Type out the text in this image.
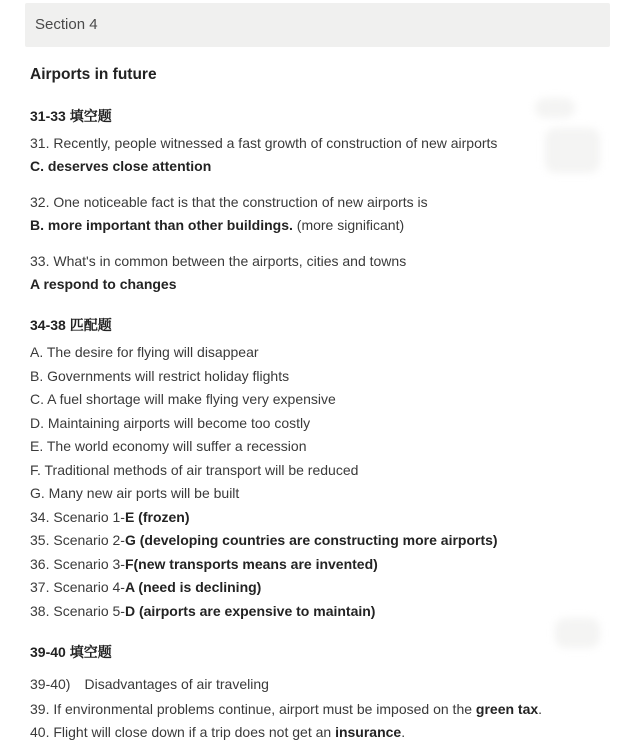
Section 4
Airports in future
31-33 填空题

31. Recently, people witnessed a fast growth of construction of new airports

C. deserves close attention

32. One noticeable fact is that the construction of new airports is

B. more important than other buildings. (more significant)

33. What's in common between the airports, cities and towns

A respond to changes

34-38 匹配题

A. The desire for flying will disappear

B. Governments will restrict holiday flights

C. A fuel shortage will make flying very expensive

D. Maintaining airports will become too costly

E. The world economy will suffer a recession

F. Traditional methods of air transport will be reduced

G. Many new air ports will be built

34. Scenario 1-E (frozen)

35. Scenario 2-G (developing countries are constructing more airports)

36. Scenario 3-F(new transports means are invented)

37. Scenario 4-A (need is declining)

38. Scenario 5-D (airports are expensive to maintain)

39-40 填空题

39-40) Disadvantages of air traveling

39. If environmental problems continue, airport must be imposed on the green tax.

40. Flight will close down if a trip does not get an insurance.
